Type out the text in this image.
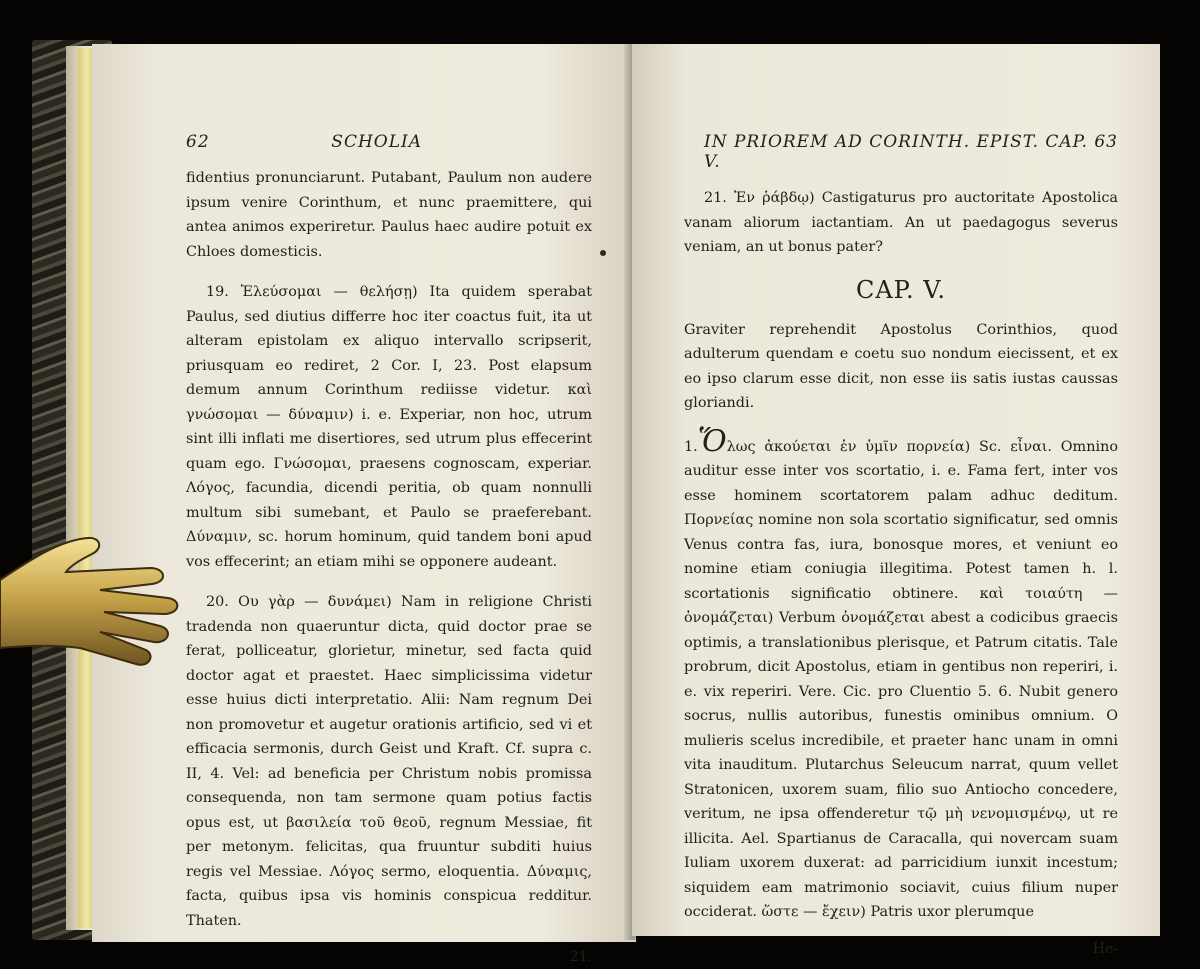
62	SCHOLIA

fidentius pronunciarunt. Putabant, Paulum non audere ipsum venire Corinthum, et nunc praemittere, qui antea animos experiretur. Paulus haec audire potuit ex Chloes domesticis.

19. Ἐλεύσομαι — θελήσῃ) Ita quidem sperabat Paulus, sed diutius differre hoc iter coactus fuit, ita ut alteram epistolam ex aliquo intervallo scripserit, priusquam eo rediret, 2 Cor. I, 23. Post elapsum demum annum Corinthum rediisse videtur. καὶ γνώσομαι — δύναμιν) i. e. Experiar, non hoc, utrum sint illi inflati me disertiores, sed utrum plus effecerint quam ego. Γνώσομαι, praesens cognoscam, experiar. Λόγος, facundia, dicendi peritia, ob quam nonnulli multum sibi sumebant, et Paulo se praeferebant. Δύναμιν, sc. horum hominum, quid tandem boni apud vos effecerint; an etiam mihi se opponere audeant.

20. Ου γὰρ — δυνάμει) Nam in religione Christi tradenda non quaeruntur dicta, quid doctor prae se ferat, polliceatur, glorietur, minetur, sed facta quid doctor agat et praestet. Haec simplicissima videtur esse huius dicti interpretatio. Alii: Nam regnum Dei non promovetur et augetur orationis artificio, sed vi et efficacia sermonis, durch Geist und Kraft. Cf. supra c. II, 4. Vel: ad beneficia per Christum nobis promissa consequenda, non tam sermone quam potius factis opus est, ut βασιλεία τοῦ θεοῦ, regnum Messiae, fit per metonym. felicitas, qua fruuntur subditi huius regis vel Messiae. Λόγος sermo, eloquentia. Δύναμις, facta, quibus ipsa vis hominis conspicua redditur. Thaten.

21.
IN PRIOREM AD CORINTH. EPIST. CAP. V.
63

21. Ἐν ῥάβδῳ) Castigaturus pro auctoritate Apostolica vanam aliorum iactantiam. An ut paedagogus severus veniam, an ut bonus pater?

CAP. V.

Graviter reprehendit Apostolus Corinthios, quod adulterum quendam e coetu suo nondum eiecissent, et ex eo ipso clarum esse dicit, non esse iis satis iustas caussas gloriandi.

1.Ὅλως ἀκούεται ἐν ὑμῖν πορνεία) Sc. εἶναι. Omnino auditur esse inter vos scortatio, i. e. Fama fert, inter vos esse hominem scortatorem palam adhuc deditum. Πορνείας nomine non sola scortatio significatur, sed omnis Venus contra fas, iura, bonosque mores, et veniunt eo nomine etiam coniugia illegitima. Potest tamen h. l. scortationis significatio obtinere. καὶ τοιαύτη — ὀνομάζεται) Verbum ὀνομάζεται abest a codicibus graecis optimis, a translationibus plerisque, et Patrum citatis. Tale probrum, dicit Apostolus, etiam in gentibus non reperiri, i. e. vix reperiri. Vere. Cic. pro Cluentio 5. 6. Nubit genero socrus, nullis autoribus, funestis ominibus omnium. O mulieris scelus incredibile, et praeter hanc unam in omni vita inauditum. Plutarchus Seleucum narrat, quum vellet Stratonicen, uxorem suam, filio suo Antiocho concedere, veritum, ne ipsa offenderetur τῷ μὴ νενομισμένῳ, ut re illicita. Ael. Spartianus de Caracalla, qui novercam suam Iuliam uxorem duxerat: ad parricidium iunxit incestum; siquidem eam matrimonio sociavit, cuius filium nuper occiderat. ὥστε — ἔχειν) Patris uxor plerumque

He-
